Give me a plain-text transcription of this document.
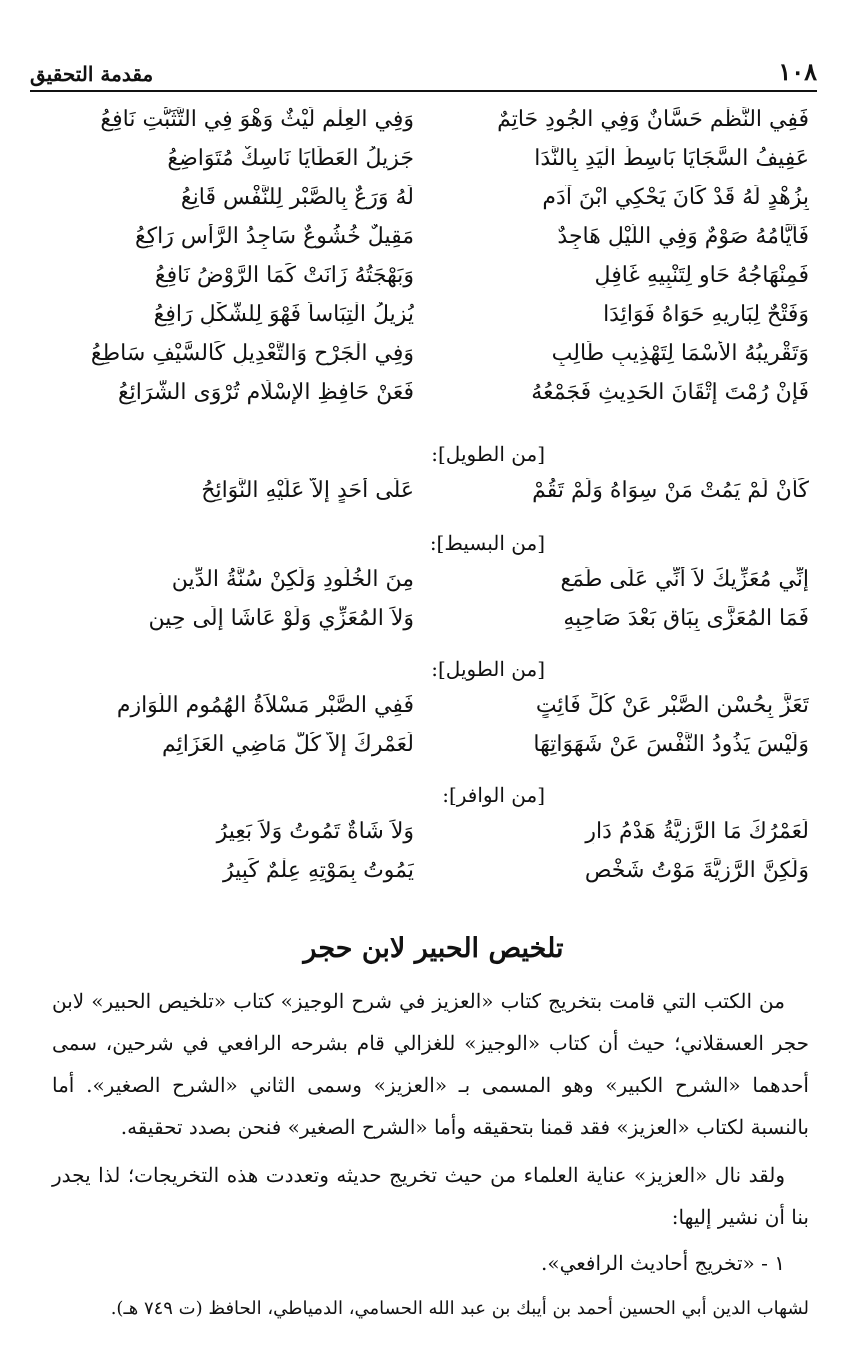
١٠٨
مقدمة التحقيق
فَفِي النَّظْمِ حَسَّانٌ وَفِي الجُودِ حَاتِمٌ
وَفِي العِلْمِ لَيْثٌ وَهْوَ فِي التَّثَبُّتِ نَافِعُ
عَفِيفُ السَّجَايَا بَاسِطُ الْيَدِ بِالنَّدَا
جَزِيلُ العَطَايَا نَاسِكٌ مُتَوَاضِعُ
بِزُهْدٍ لَهُ قَدْ كَانَ يَحْكِي ابْنَ آدَمٍ
لَهُ وَرَعٌ بِالصَّبْرِ لِلنَّفْسِ قَانِعُ
فَأَيَّامُهُ صَوْمٌ وَفِي اللَّيْلِ هَاجِدٌ
مَقِيلٌ خُشُوعٌ سَاجِدُ الرَّأْسِ رَاكِعُ
فَمِنْهَاجُهُ حَاوٍ لِتَنْبِيهِ غَافِلٍ
وَبَهْجَتُهُ زَانَتْ كَمَا الرَّوْضُ نَافِعُ
وَفَتْحٌ لِبَارِيهِ حَوَاهُ فَوَائِدَا
يُزِيلُ الْتِبَاساً فَهْوَ لِلشَّكْلِ رَافِعُ
وَتَقْرِيبُهُ الأَسْمَا لِتَهْذِيبِ طَالِبٍ
وَفِي الْجَرْحِ وَالتَّعْدِيلِ كَالسَّيْفِ سَاطِعُ
فَإِنْ رُمْتَ إِتْقَانَ الحَدِيثِ فَجَمْعُهُ
فَعَنْ حَافِظِ الإِسْلَامِ تُرْوَى الشَّرَائِعُ
[من الطويل]:
كَأَنْ لَمْ يَمُتْ مَنْ سِوَاهُ وَلَمْ تَقُمْ
عَلَى أَحَدٍ إِلاَّ عَلَيْهِ النَّوَائِحُ
[من البسيط]:
إِنِّي مُعَزِّيكَ لاَ أَنِّي عَلَى طَمَعٍ
مِنَ الخُلُودِ وَلَكِنْ سُنَّةُ الدِّينِ
فَمَا المُعَزَّى بِبَاقٍ بَعْدَ صَاحِبِهِ
وَلاَ المُعَزِّي وَلَوْ عَاشَا إِلَى حِينِ
[من الطويل]:
تَعَزَّ بِحُسْنِ الصَّبْرِ عَنْ كُلِّ فَائِتٍ
فَفِي الصَّبْرِ مَسْلاَةُ الهُمُومِ اللَّوَازِمِ
وَلَيْسَ يَذُودُ النَّفْسَ عَنْ شَهَوَاتِهَا
لَعَمْرِكَ إِلاَّ كُلُّ مَاضِي العَزَائِمِ
[من الوافر]:
لَعَمْرُكَ مَا الرَّزِيَّةُ هَدْمُ دَارٍ
وَلاَ شَاةٌ تَمُوتُ وَلاَ بَعِيرُ
وَلَكِنَّ الرَّزِيَّةَ مَوْتُ شَخْصٍ
يَمُوتُ بِمَوْتِهِ عِلْمٌ كَبِيرُ
تلخيص الحبير لابن حجر

من الكتب التي قامت بتخريج كتاب «العزيز في شرح الوجيز» كتاب «تلخيص الحبير» لابن حجر العسقلاني؛ حيث أن كتاب «الوجيز» للغزالي قام بشرحه الرافعي في شرحين، سمى أحدهما «الشرح الكبير» وهو المسمى بـ «العزيز» وسمى الثاني «الشرح الصغير». أما بالنسبة لكتاب «العزيز» فقد قمنا بتحقيقه وأما «الشرح الصغير» فنحن بصدد تحقيقه.

ولقد نال «العزيز» عناية العلماء من حيث تخريج حديثه وتعددت هذه التخريجات؛ لذا يجدر بنا أن نشير إليها:

١ - «تخريج أحاديث الرافعي».

لشهاب الدين أبي الحسين أحمد بن أيبك بن عبد الله الحسامي، الدمياطي، الحافظ (ت ٧٤٩ هـ).
